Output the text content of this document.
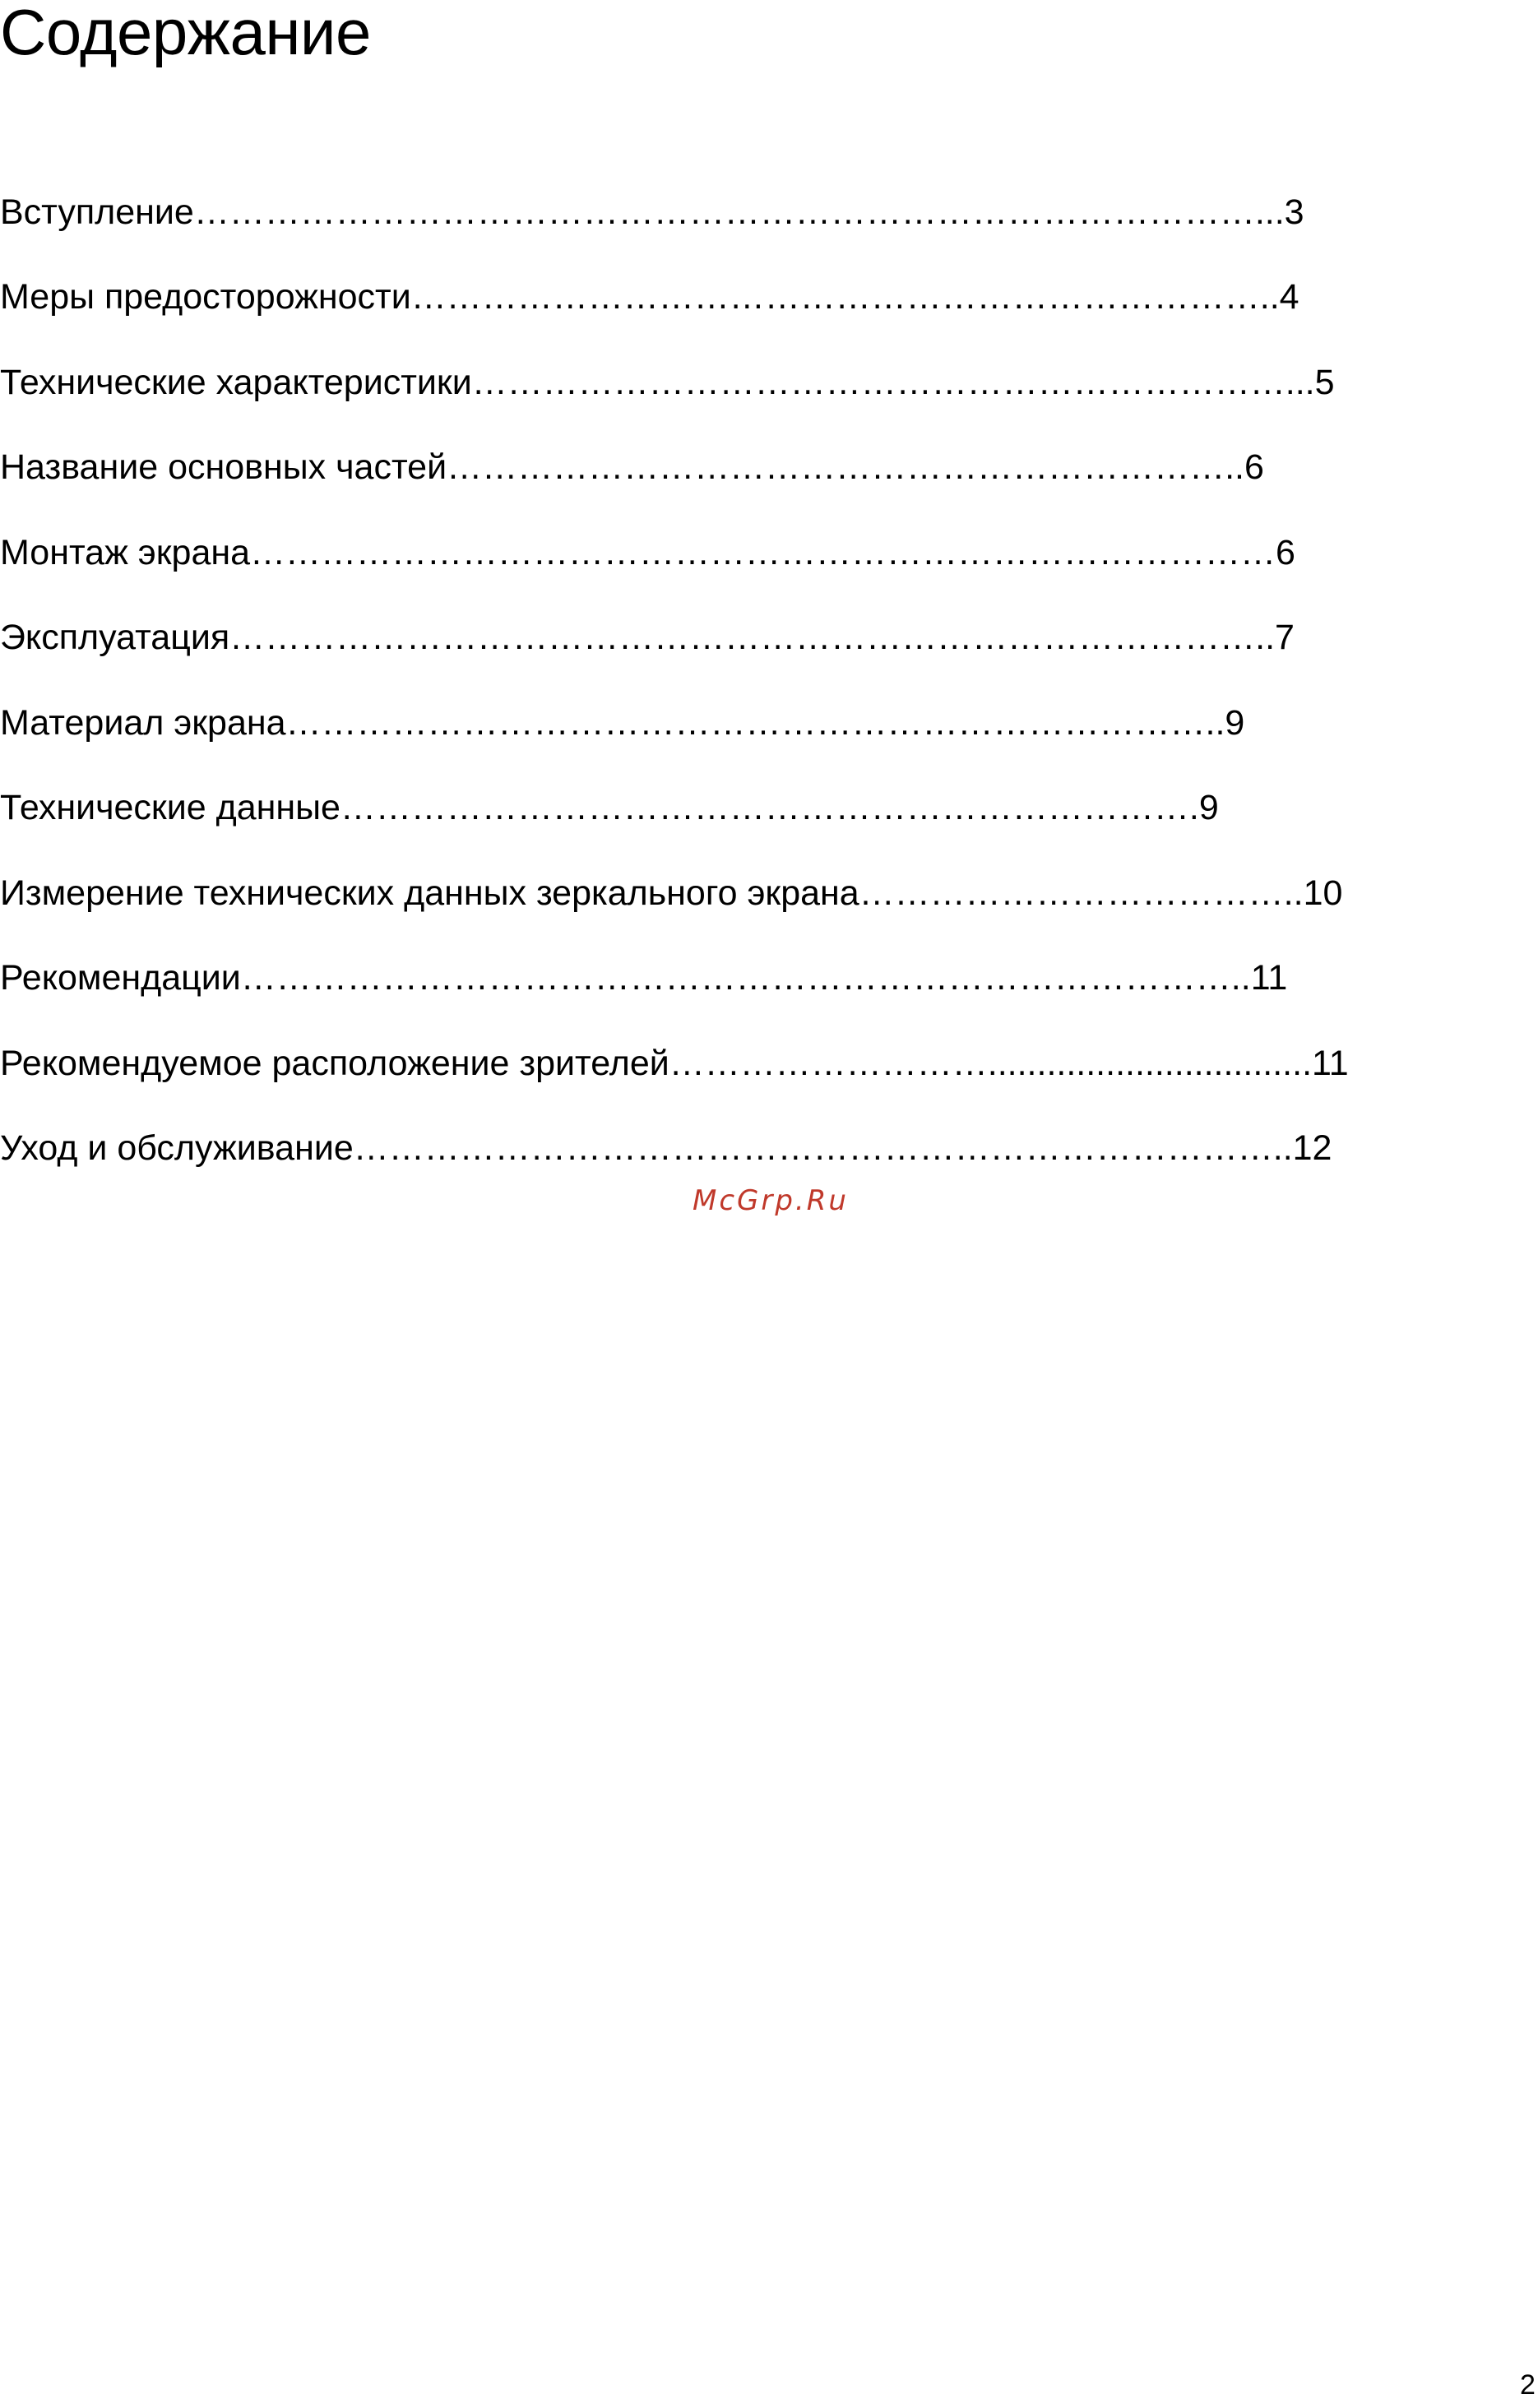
Содержание
Вступление………………………………………………………………………………...3
Меры предосторожности………………………………………………………………..4
Технические характеристики……………………………………………………………...5
Название основных частей…………………………………………………………..6
Монтаж экрана……………………………………………………………………………6
Эксплуатация……………………………………………………………………………..7
Материал экрана……………………………………………………………………..9
Технические данные……………………………………………………………….9
Измерение технических данных зеркального экрана………………………………..10
Рекомендации…………………………………………………………………………..11
Рекомендуемое расположение зрителей……………………….................................11
Уход и обслуживание……………………………………………………………………..12
McGrp.Ru
2
